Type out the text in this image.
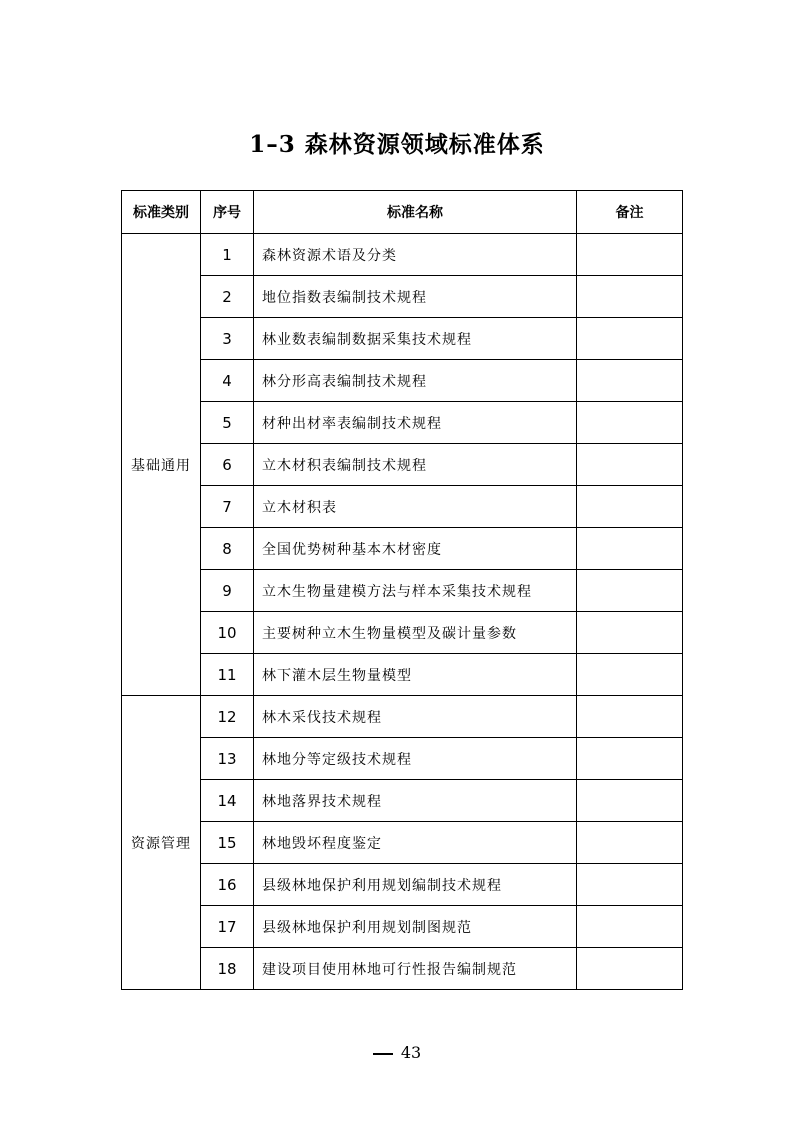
1–3 森林资源领域标准体系
标准类别	序号	标准名称	备注
基础通用	1	森林资源术语及分类	
	2	地位指数表编制技术规程	
	3	林业数表编制数据采集技术规程	
	4	林分形高表编制技术规程	
	5	材种出材率表编制技术规程	
	6	立木材积表编制技术规程	
	7	立木材积表	
	8	全国优势树种基本木材密度	
	9	立木生物量建模方法与样本采集技术规程	
	10	主要树种立木生物量模型及碳计量参数	
	11	林下灌木层生物量模型	
资源管理	12	林木采伐技术规程	
	13	林地分等定级技术规程	
	14	林地落界技术规程	
	15	林地毁坏程度鉴定	
	16	县级林地保护利用规划编制技术规程	
	17	县级林地保护利用规划制图规范	
	18	建设项目使用林地可行性报告编制规范	
43
